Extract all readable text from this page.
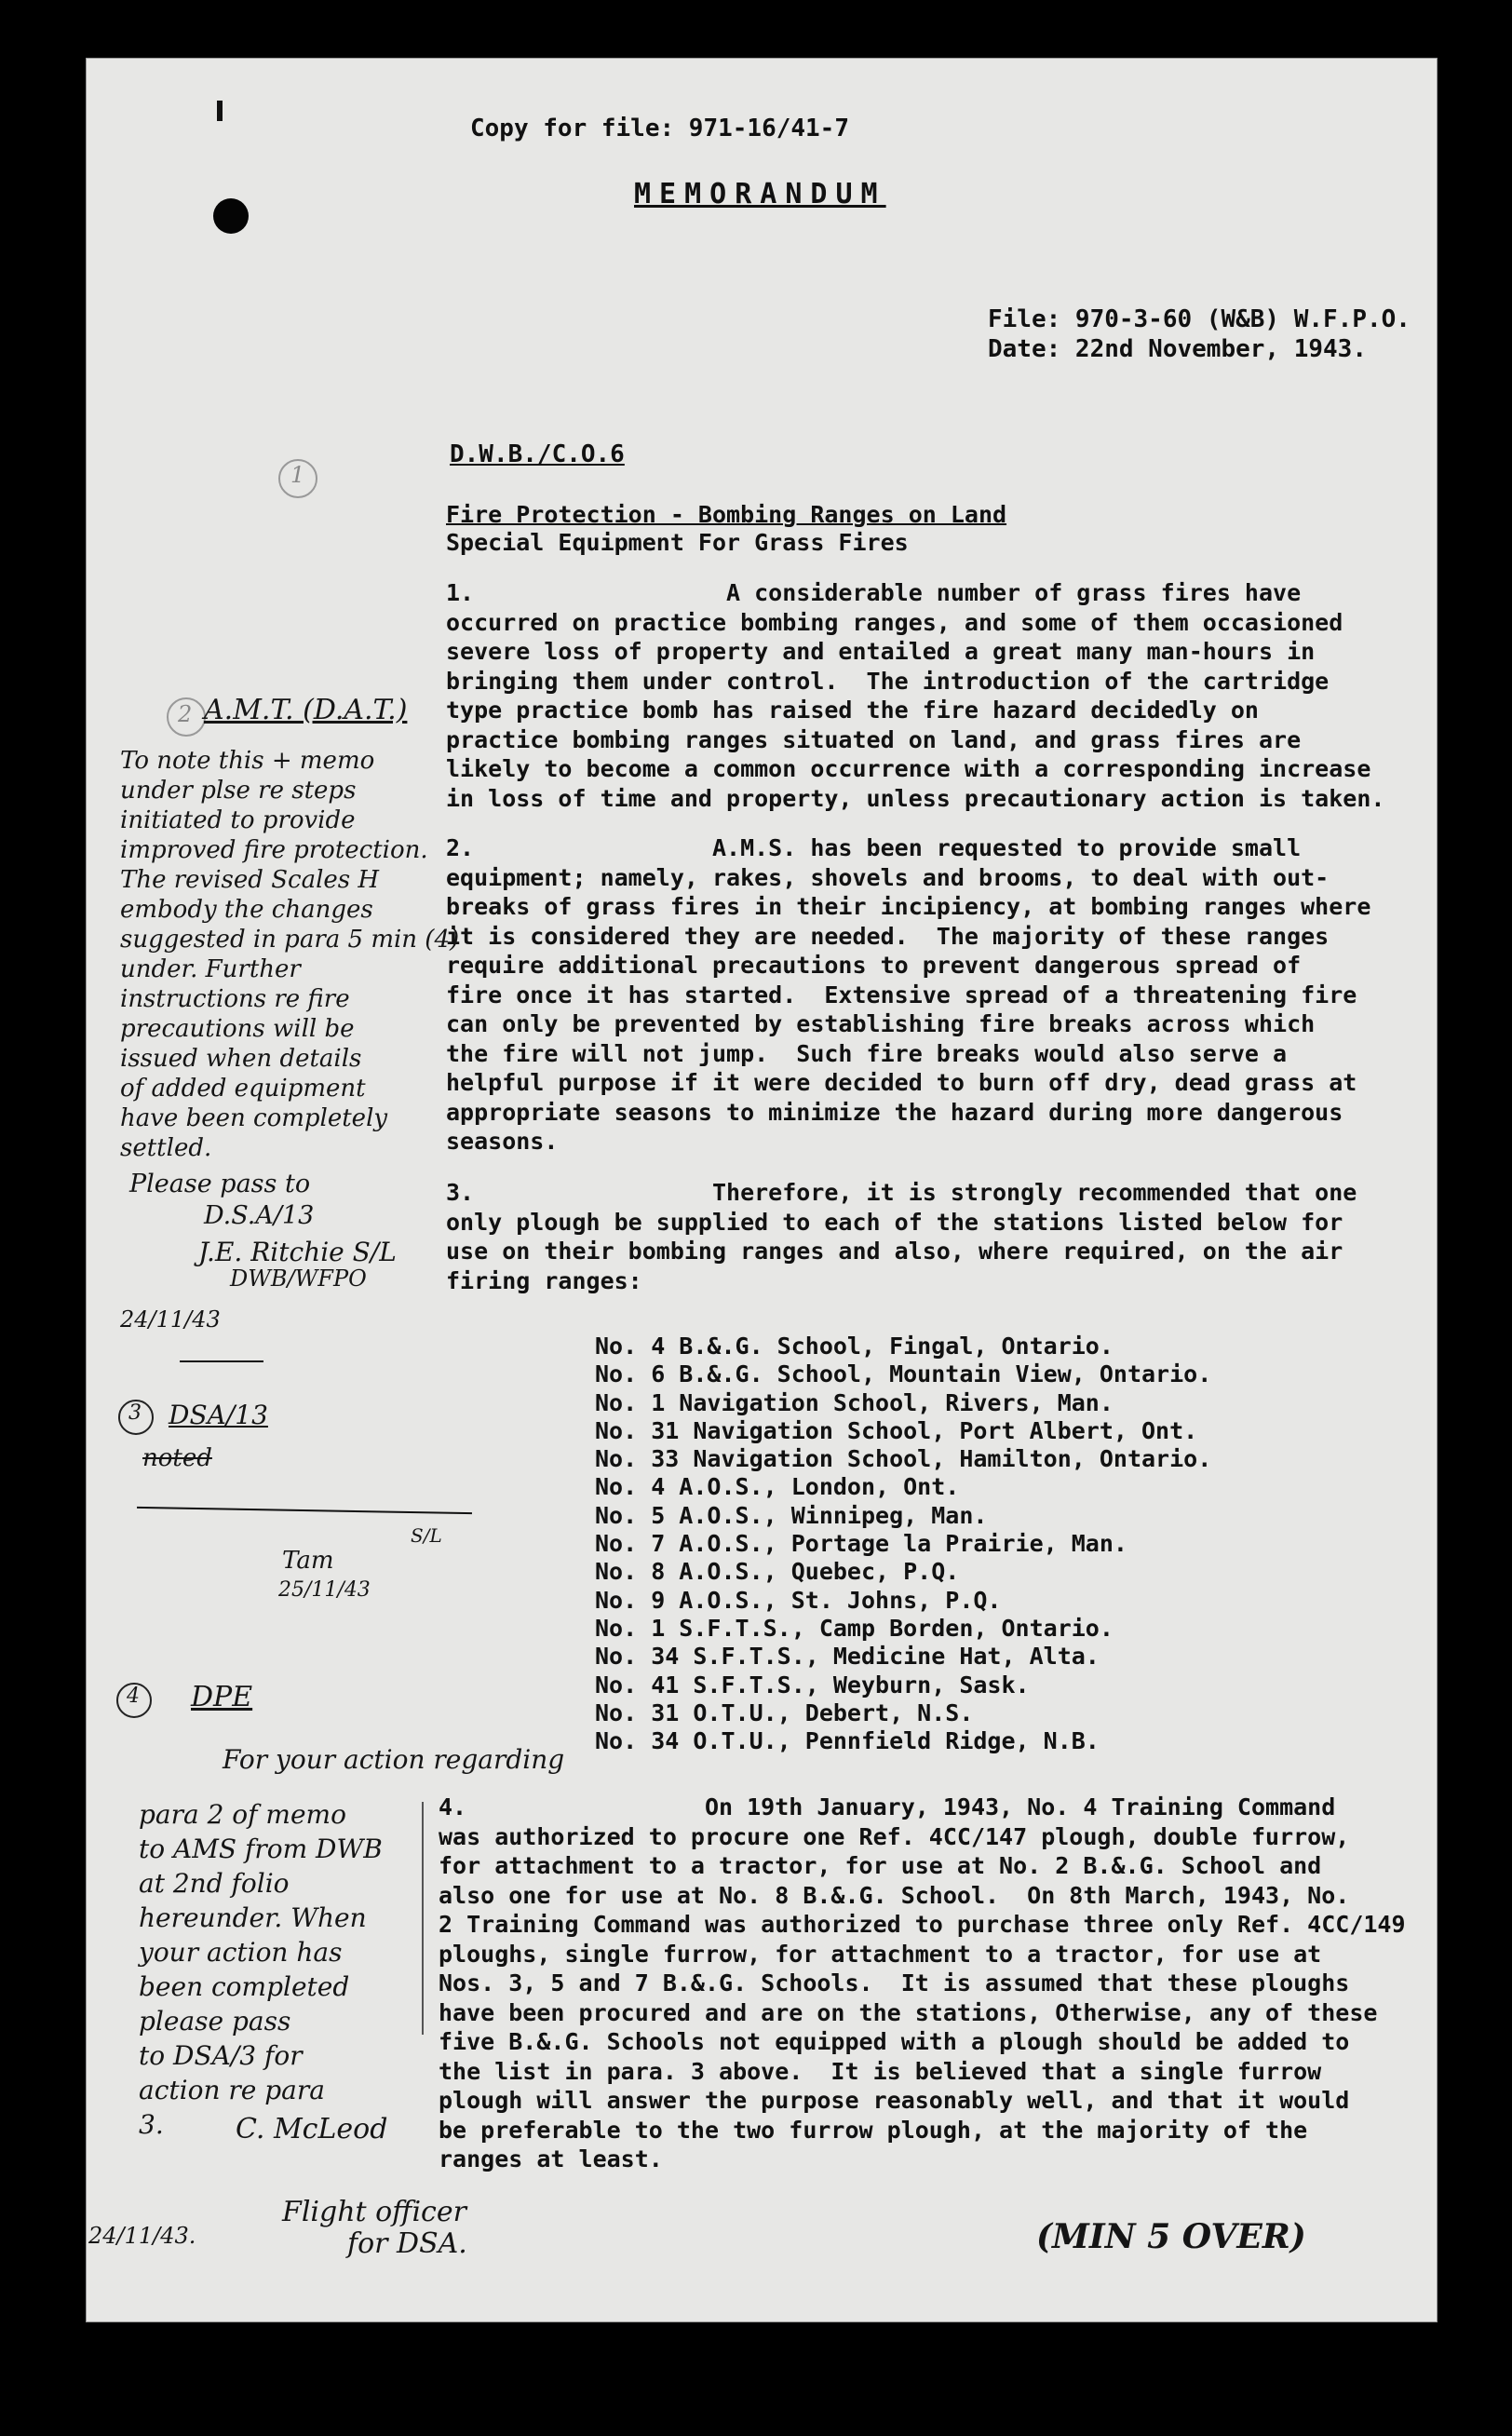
Copy for file: 971-16/41-7
MEMORANDUM
File: 970-3-60 (W&B) W.F.P.O.
Date: 22nd November, 1943.
D.W.B./C.O.6
Fire Protection - Bombing Ranges on Land
Special Equipment For Grass Fires
1.                  A considerable number of grass fires have
occurred on practice bombing ranges, and some of them occasioned
severe loss of property and entailed a great many man-hours in
bringing them under control.  The introduction of the cartridge
type practice bomb has raised the fire hazard decidedly on
practice bombing ranges situated on land, and grass fires are
likely to become a common occurrence with a corresponding increase
in loss of time and property, unless precautionary action is taken.
2.                 A.M.S. has been requested to provide small
equipment; namely, rakes, shovels and brooms, to deal with out-
breaks of grass fires in their incipiency, at bombing ranges where
it is considered they are needed.  The majority of these ranges
require additional precautions to prevent dangerous spread of
fire once it has started.  Extensive spread of a threatening fire
can only be prevented by establishing fire breaks across which
the fire will not jump.  Such fire breaks would also serve a
helpful purpose if it were decided to burn off dry, dead grass at
appropriate seasons to minimize the hazard during more dangerous
seasons.
3.                 Therefore, it is strongly recommended that one
only plough be supplied to each of the stations listed below for
use on their bombing ranges and also, where required, on the air
firing ranges:
No. 4 B.&.G. School, Fingal, Ontario.
No. 6 B.&.G. School, Mountain View, Ontario.
No. 1 Navigation School, Rivers, Man.
No. 31 Navigation School, Port Albert, Ont.
No. 33 Navigation School, Hamilton, Ontario.
No. 4 A.O.S., London, Ont.
No. 5 A.O.S., Winnipeg, Man.
No. 7 A.O.S., Portage la Prairie, Man.
No. 8 A.O.S., Quebec, P.Q.
No. 9 A.O.S., St. Johns, P.Q.
No. 1 S.F.T.S., Camp Borden, Ontario.
No. 34 S.F.T.S., Medicine Hat, Alta.
No. 41 S.F.T.S., Weyburn, Sask.
No. 31 O.T.U., Debert, N.S.
No. 34 O.T.U., Pennfield Ridge, N.B.
4.                 On 19th January, 1943, No. 4 Training Command
was authorized to procure one Ref. 4CC/147 plough, double furrow,
for attachment to a tractor, for use at No. 2 B.&.G. School and
also one for use at No. 8 B.&.G. School.  On 8th March, 1943, No.
2 Training Command was authorized to purchase three only Ref. 4CC/149
ploughs, single furrow, for attachment to a tractor, for use at
Nos. 3, 5 and 7 B.&.G. Schools.  It is assumed that these ploughs
have been procured and are on the stations, Otherwise, any of these
five B.&.G. Schools not equipped with a plough should be added to
the list in para. 3 above.  It is believed that a single furrow
plough will answer the purpose reasonably well, and that it would
be preferable to the two furrow plough, at the majority of the
ranges at least.
1
2 A.M.T. (D.A.T.)
To note this + memo
under plse re steps
initiated to provide
improved fire protection.
The revised Scales H
embody the changes
suggested in para 5 min (4)
under. Further
instructions re fire
precautions will be
issued when details
of added equipment
have been completely
settled.
Please pass to
D.S.A/13
J.E. Ritchie S/L
DWB/WFPO
24/11/43
3 DSA/13
noted
S/L
Tam
25/11/43
4 DPE
For your action regarding
para 2 of memo
to AMS from DWB
at 2nd folio
hereunder. When
your action has
been completed
please pass
to DSA/3 for
action re para
3.	C. McLeod
24/11/43.
Flight officer
for DSA.	(MIN 5 OVER)
